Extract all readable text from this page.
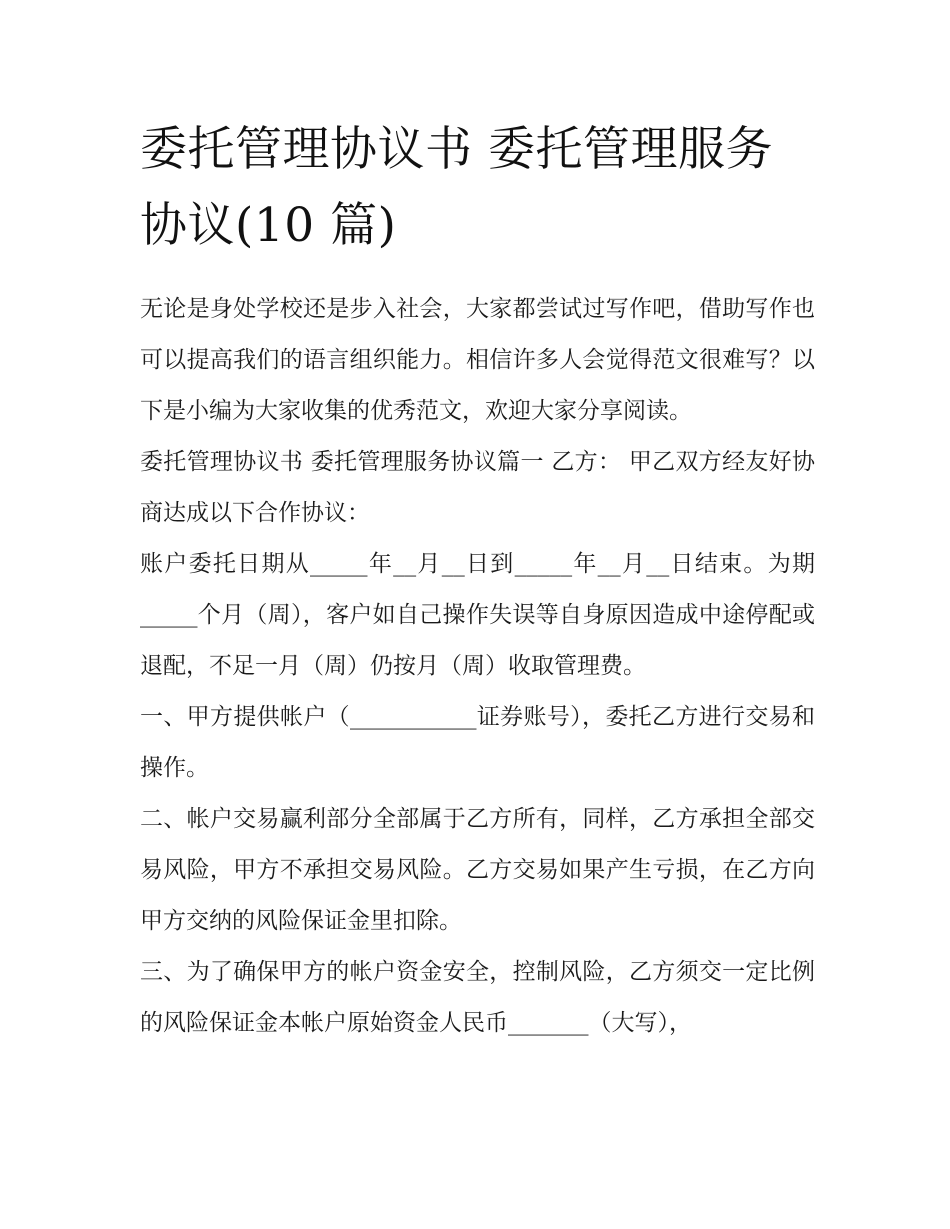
委托管理协议书 委托管理服务协议(10 篇)

无论是身处学校还是步入社会，大家都尝试过写作吧，借助写作也可以提高我们的语言组织能力。相信许多人会觉得范文很难写？以下是小编为大家收集的优秀范文，欢迎大家分享阅读。

委托管理协议书 委托管理服务协议篇一 乙方： 甲乙双方经友好协商达成以下合作协议：

账户委托日期从_____年__月__日到_____年__月__日结束。为期_____个月（周），客户如自己操作失误等自身原因造成中途停配或退配，不足一月（周）仍按月（周）收取管理费。

一、甲方提供帐户（___________证券账号），委托乙方进行交易和操作。

二、帐户交易赢利部分全部属于乙方所有，同样，乙方承担全部交易风险，甲方不承担交易风险。乙方交易如果产生亏损，在乙方向甲方交纳的风险保证金里扣除。

三、为了确保甲方的帐户资金安全，控制风险，乙方须交一定比例的风险保证金本帐户原始资金人民币_______（大写），
